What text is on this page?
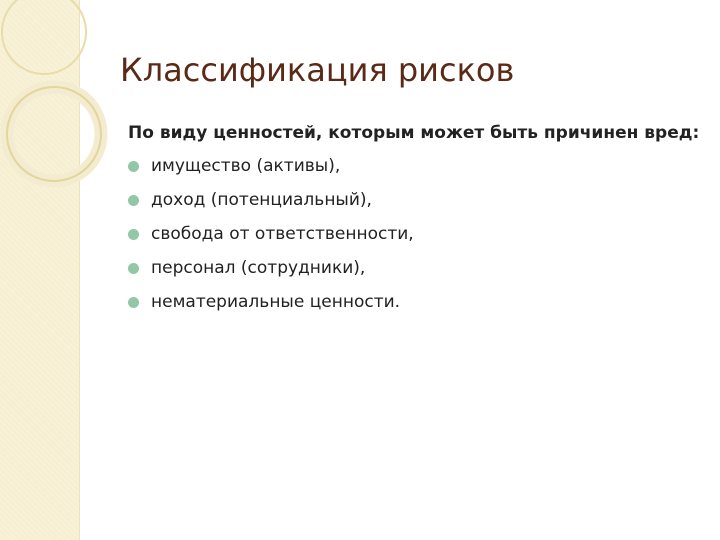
Классификация рисков

По виду ценностей, которым может быть причинен вред:

имущество (активы),
доход (потенциальный),
свобода от ответственности,
персонал (сотрудники),
нематериальные ценности.
